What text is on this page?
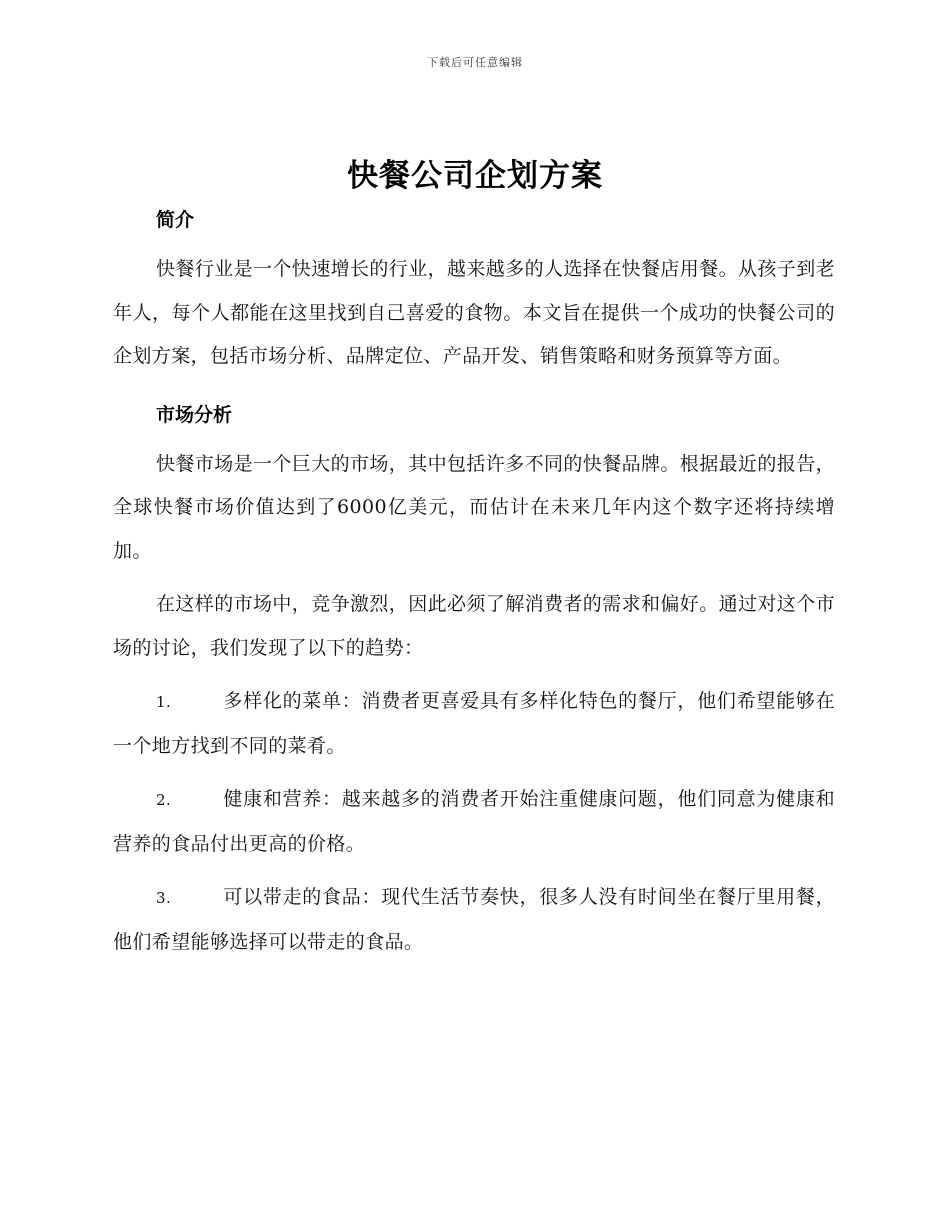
下载后可任意编辑
快餐公司企划方案
简介

快餐行业是一个快速增长的行业，越来越多的人选择在快餐店用餐。从孩子到老年人，每个人都能在这里找到自己喜爱的食物。本文旨在提供一个成功的快餐公司的企划方案，包括市场分析、品牌定位、产品开发、销售策略和财务预算等方面。

市场分析

快餐市场是一个巨大的市场，其中包括许多不同的快餐品牌。根据最近的报告，全球快餐市场价值达到了6000亿美元，而估计在未来几年内这个数字还将持续增加。

在这样的市场中，竞争激烈，因此必须了解消费者的需求和偏好。通过对这个市场的讨论，我们发现了以下的趋势：

1.	多样化的菜单：消费者更喜爱具有多样化特色的餐厅，他们希望能够在一个地方找到不同的菜肴。
2.	健康和营养：越来越多的消费者开始注重健康问题，他们同意为健康和营养的食品付出更高的价格。
3.	可以带走的食品：现代生活节奏快，很多人没有时间坐在餐厅里用餐，他们希望能够选择可以带走的食品。
